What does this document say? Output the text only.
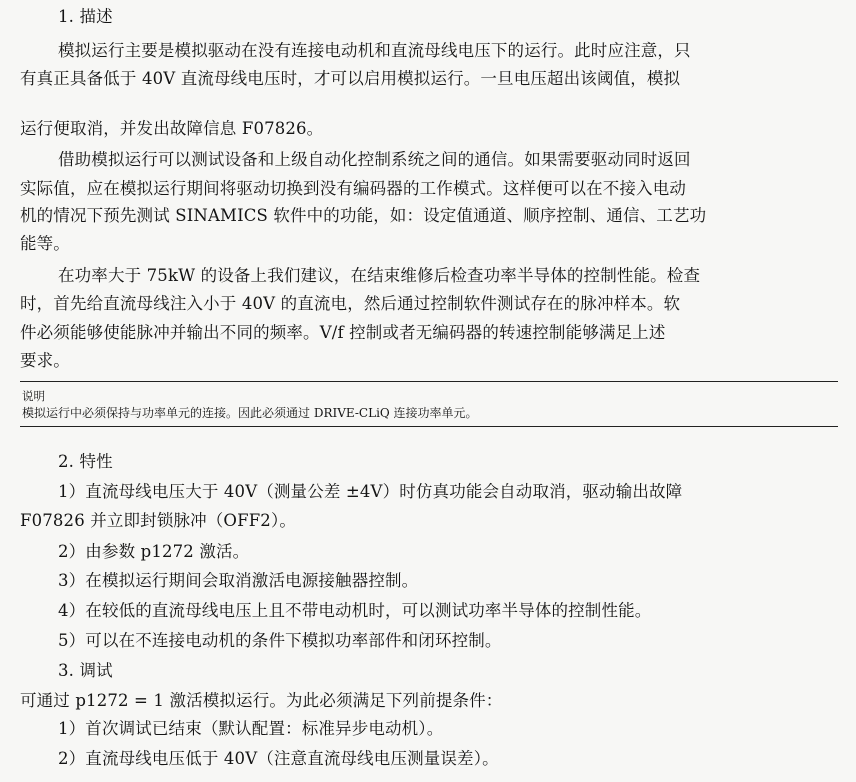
1. 描述
模拟运行主要是模拟驱动在没有连接电动机和直流母线电压下的运行。此时应注意，只
有真正具备低于 40V 直流母线电压时，才可以启用模拟运行。一旦电压超出该阈值，模拟
运行便取消，并发出故障信息 F07826。
借助模拟运行可以测试设备和上级自动化控制系统之间的通信。如果需要驱动同时返回
实际值，应在模拟运行期间将驱动切换到没有编码器的工作模式。这样便可以在不接入电动
机的情况下预先测试 SINAMICS 软件中的功能，如：设定值通道、顺序控制、通信、工艺功
能等。
在功率大于 75kW 的设备上我们建议，在结束维修后检查功率半导体的控制性能。检查
时，首先给直流母线注入小于 40V 的直流电，然后通过控制软件测试存在的脉冲样本。软
件必须能够使能脉冲并输出不同的频率。V/f 控制或者无编码器的转速控制能够满足上述
要求。
说明
模拟运行中必须保持与功率单元的连接。因此必须通过 DRIVE-CLiQ 连接功率单元。
2. 特性
1）直流母线电压大于 40V（测量公差 ±4V）时仿真功能会自动取消，驱动输出故障
F07826 并立即封锁脉冲（OFF2）。
2）由参数 p1272 激活。
3）在模拟运行期间会取消激活电源接触器控制。
4）在较低的直流母线电压上且不带电动机时，可以测试功率半导体的控制性能。
5）可以在不连接电动机的条件下模拟功率部件和闭环控制。
3. 调试
可通过 p1272 = 1 激活模拟运行。为此必须满足下列前提条件：
1）首次调试已结束（默认配置：标准异步电动机）。
2）直流母线电压低于 40V（注意直流母线电压测量误差）。
